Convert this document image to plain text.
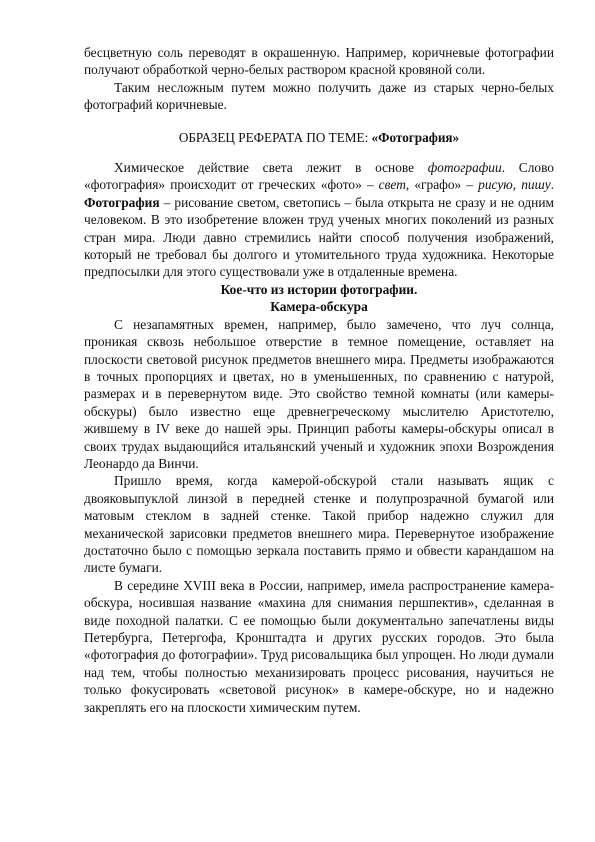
бесцветную соль переводят в окрашенную. Например, коричневые фотографии получают обработкой черно-белых раствором красной кровяной соли.

Таким несложным путем можно получить даже из старых черно-белых фотографий коричневые.

ОБРАЗЕЦ РЕФЕРАТА ПО ТЕМЕ: «Фотография»

Химическое действие света лежит в основе фотографии. Слово «фотография» происходит от греческих «фото» – свет, «графо» – рисую, пишу. Фотография – рисование светом, светопись – была открыта не сразу и не одним человеком. В это изобретение вложен труд ученых многих поколений из разных стран мира. Люди давно стремились найти способ получения изображений, который не требовал бы долгого и утомительного труда художника. Некоторые предпосылки для этого существовали уже в отдаленные времена.

Кое-что из истории фотографии.

Камера-обскура

С незапамятных времен, например, было замечено, что луч солнца, проникая сквозь небольшое отверстие в темное помещение, оставляет на плоскости световой рисунок предметов внешнего мира. Предметы изображаются в точных пропорциях и цветах, но в уменьшенных, по сравнению с натурой, размерах и в перевернутом виде. Это свойство темной комнаты (или камеры-обскуры) было известно еще древнегреческому мыслителю Аристотелю, жившему в IV веке до нашей эры. Принцип работы камеры-обскуры описал в своих трудах выдающийся итальянский ученый и художник эпохи Возрождения Леонардо да Винчи.

Пришло время, когда камерой-обскурой стали называть ящик с двояковыпуклой линзой в передней стенке и полупрозрачной бумагой или матовым стеклом в задней стенке. Такой прибор надежно служил для механической зарисовки предметов внешнего мира. Перевернутое изображение достаточно было с помощью зеркала поставить прямо и обвести карандашом на листе бумаги.

В середине XVIII века в России, например, имела распространение камера-обскура, носившая название «махина для снимания першпектив», сделанная в виде походной палатки. С ее помощью были документально запечатлены виды Петербурга, Петергофа, Кронштадта и других русских городов. Это была «фотография до фотографии». Труд рисовальщика был упрощен. Но люди думали над тем, чтобы полностью механизировать процесс рисования, научиться не только фокусировать «световой рисунок» в камере-обскуре, но и надежно закреплять его на плоскости химическим путем.
